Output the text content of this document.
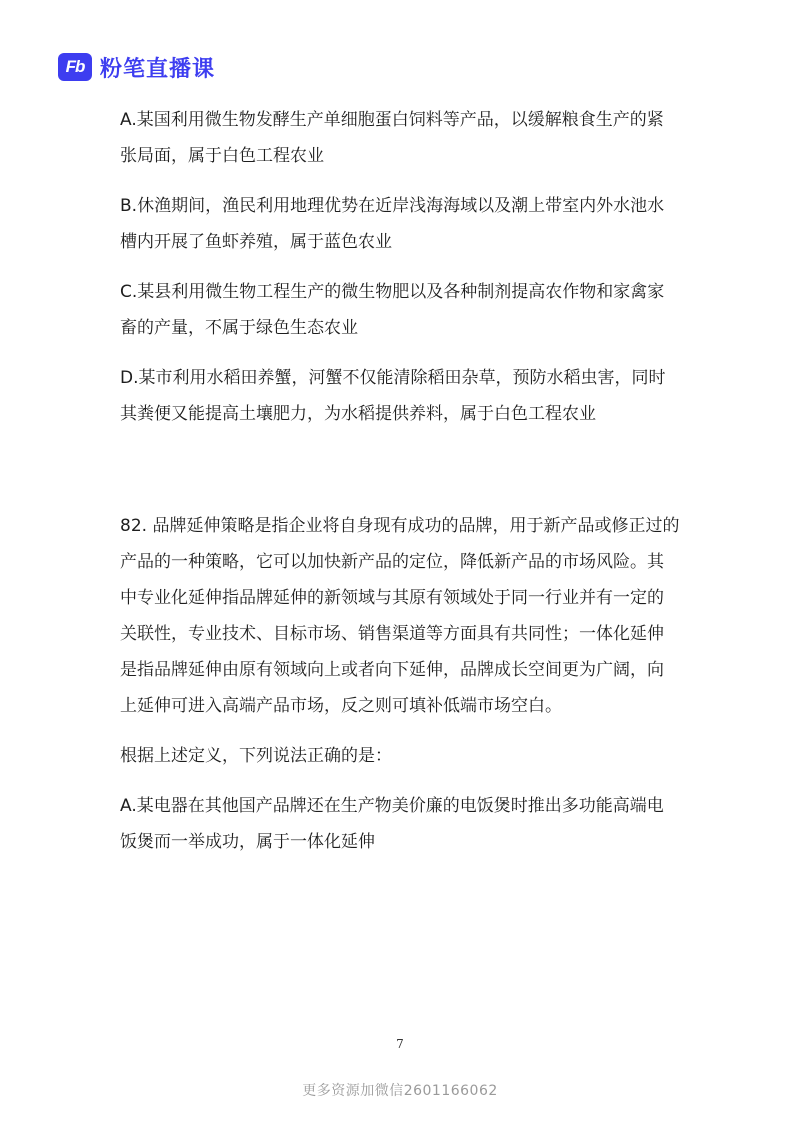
Fb 粉笔直播课

A.某国利用微生物发酵生产单细胞蛋白饲料等产品，以缓解粮食生产的紧张局面，属于白色工程农业

B.休渔期间，渔民利用地理优势在近岸浅海海域以及潮上带室内外水池水槽内开展了鱼虾养殖，属于蓝色农业

C.某县利用微生物工程生产的微生物肥以及各种制剂提高农作物和家禽家畜的产量，不属于绿色生态农业

D.某市利用水稻田养蟹，河蟹不仅能清除稻田杂草，预防水稻虫害，同时其粪便又能提高土壤肥力，为水稻提供养料，属于白色工程农业

82. 品牌延伸策略是指企业将自身现有成功的品牌，用于新产品或修正过的产品的一种策略，它可以加快新产品的定位，降低新产品的市场风险。其中专业化延伸指品牌延伸的新领域与其原有领域处于同一行业并有一定的关联性，专业技术、目标市场、销售渠道等方面具有共同性；一体化延伸是指品牌延伸由原有领域向上或者向下延伸，品牌成长空间更为广阔，向上延伸可进入高端产品市场，反之则可填补低端市场空白。

根据上述定义，下列说法正确的是：

A.某电器在其他国产品牌还在生产物美价廉的电饭煲时推出多功能高端电饭煲而一举成功，属于一体化延伸

7
更多资源加微信2601166062
